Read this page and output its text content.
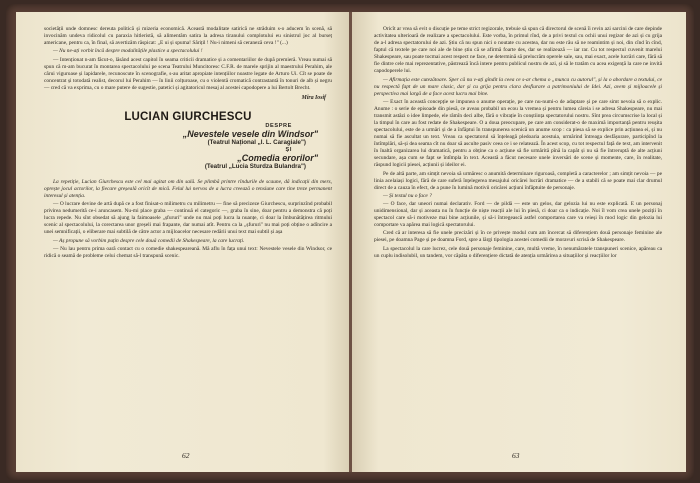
societății unde domnesc dereuta politică și mizeria economică. Această modalitate satirică ne străduim s-o aducem în scenă, să invocinăm undeva ridicolul cu paraxia hitleristă, să alimentăm satira la adresa tiranului complotului eu sinistrul joc al burseț americane, pentru ca, în final, să avertizăm răspicat: „E ui și spuma! Sărițil ! Nu-i nimeni să ceraneză ceva !" (...)

— Nu ne-ați vorbit încă despre modalitățile plastice a spectacolului !

— Intenționat n-am făcut-o, lăsând acest capitol în seama criticii dramatice și a comentariilor de după premieră. Vreau numai să spun că m-am bucurat în montarea spectacolului pe scena Teatrului Muncitoresc C.F.R. de marele sprijin al maestrului Perahim, ale cărui viguroase și lapidarele, recunoscute în scenografie, s-au aritat apropiate intențiilor noastre legate de Arturo Ui. Cît se poate de concentrat și totodată realist, decorul lui Perahim — în linii colțuroase, cu o violentă cromatică contrastantă în tonuri de alb și negru — cred că va exprima, cu o mare putere de sugestie, patetici și agitatoricul mesaj al acestei capodopere a lui Bertolt Brecht.

Mira Iosif
LUCIAN GIURCHESCU
DESPRE
„Nevestele vesele din Windsor"
(Teatrul Național „I. L. Caragiale")
ȘI
„Comedia erorilor"
(Teatrul „Lucia Sturdza Bulandra")

La repetiție, Lucian Giurchescu este cel mai agitat om din sală. Se plimbă printre rîndurile de scaune, dă indicații din mers, oprește jocul actorilor, la fiecare greșeală oricît de mică. Felul lui nervos de a lucra creează o tensiune care tine treze permanent interesul și atenția.

— O lucrare devine de artă după ce a fost finisat-o milimetru cu milimetru — fine să precizeze Giurchescu, surprinzînd probabil privirea nedumerită ce-i aruncasem. Nu-mi place graba — continuă el categoric —, graba în sine, doar pentru a demonstra că poți lucra repede. Nu sînt obsedat să ajung la faimoasele „șfururi" unde nu mai poți lucra la nuanțe, ci doar la îmbunătățirea ritmului scenic al spectacolului, la corectarea unor greșeli mai frapante, dar numai atît. Pentru ca la „șfururi" nu mai poți obține o adîncire a unei semnificații, o eliberare mai subtilă de către actor a mijloacelor necesare redării unui text mai subtil și așa

— Aș propune să vorbim puțin despre cele două comedii de Shakespeare, la care lucrați.

— Nu lau pentru prima oară contact cu o comedie shakespeareană. Mă aflu în fața unui text: Nevestele vesele din Windsor, ce ridică o seamă de probleme celui chemat să-l transpună scenic.

62

Oricît ar vrea să evit o discuție pe teme strict regizorale, trebuie să spun că directorul de scenă îi revin azi sarcini de care depinde activitatea ulterioară de realizare a spectacolului. Este vorba, în primul rînd, de a privi textul cu ochii unui regizor de azi și cu grija de a-l adresa spectatorului de azi. Știu că nu spun nici o noutate cu acestea, dar nu este rău să ne reamintim și noi, din cînd în cînd, faptul că textele pe care noi ale de bine știu că se afirmă foarte des, dar se realizează — iar rar. Cu tot respectul cuvenit marelui Shakespeare, sau poate tocmai acest respect ne face, ne determină să prelucrăm operele sale, sau, mai exact, acele lucrări care, fără să fie dintre cele mai reprezentative, păstrează încă intere pentru publicul nostru de azi, și să le tratăm cu acea exigență la care ne invită capodoperele lui.

— Afirmația este cutezătoare. Sper că nu v-ați gîndit la ceea ce s-ar chema o „munca cu autorul", și la o abordare a textului, ce nu respectă fapt de un mare clasic, dar și cu grija pentru clara desfiurare a patrimoniului de Idei. Azi, avem și mijloacele și perspectiva mai largă de a face acest lucru mai bine.

— Exact în această concepție se impunea o anume operație, pe care nu-numi-o de adaptare și pe care simt nevoia să o explic. Anume : o serie de episoade din piesă, ce aveau probabil un ecou la vremea și pentru lumea căreia i se adresa Shakespeare, nu mai transmit astăzi o idee limpede, ele rămîn deci albe, fără o vibrație în conștiința spectatorului nostru. Sînt prea circumscrise la local și la timpul în care au fost redate de Shakespeare. O a doua preocupare, pe care am considerat-o de maximă importanță pentru reușita spectacolului, este de a urmări și de a înfăptui în transpunerea scenică un anume scop : ca piesa să se explice prin acțiunea ei, și nu numai să fie ascultat un text. Vreau ca spectatorul să înțeleagă pledoaria acestuia, urmărind întreaga desfășurare, participînd la întîmplări, să-și dea seama cît nu doar să asculte pasiv ceea ce i se relatează. În acest scop, cu tot respectul față de text, am intervenit în înaltă organizarea lui dramatică, pentru a obține ca o acțiune să fie urmărită pînă la capăt și nu să fie întreruptă de alte acțiuni secundare, așa cum se fapt se întîmpla în text. Această a făcut necesare unele inversări de scene și momente, care, în realitate, răspund logicii piesei, acțiunii și ideilor ei.

Pe de altă parte, am simțit nevoia să urmăresc o anumită determinare riguroasă, completă a caracterelor ; am simțit nevoia — pe linia acelaiași logici, fără de care suferă înțelegerea mesajului oricărei lucrări dramatice — de a stabili că se poate mai clar drumul direct de a cauza în efect, de a pune în lumină motivii oricărei acțiuni înfăptuite de personaje.

— Și textul nu o face ?

— O face, dar uneori numai declarativ. Ford — de pildă — este un gelos, dar gelozia lui nu este explicată. E un personaj unidimensional, dar și aceasta nu în funcție de niște reacții ale lui în piesă, ci doar ca o indicație. Noi îl vom crea unele poziții în spectacol care să-i motiveze mai bine acțiunile, și să-i întregească astfel comportarea care va reieși în mod logic din gelozia lui comportare va apărea mai logică spectatorului.

Cred că ar interesa să fie unele precizări și în ce privește modul cum am încercat să diferențiem două personaje feminine ale piesei, pe doamna Page și pe doamna Ford, spre a lărgi tipologia acestei comedii de moravuri scrisă de Shakespeare.

La spectacolul la care lucrez, cele două personaje feminine, care, multă vreme, în nenumăratele transpuneri scenice, apăreau ca un cuplu indisolubil, un tandem, vor căpăta o diferențiere dictată de atenția urmărirea a situațiilor și reacțiilor lor

63
